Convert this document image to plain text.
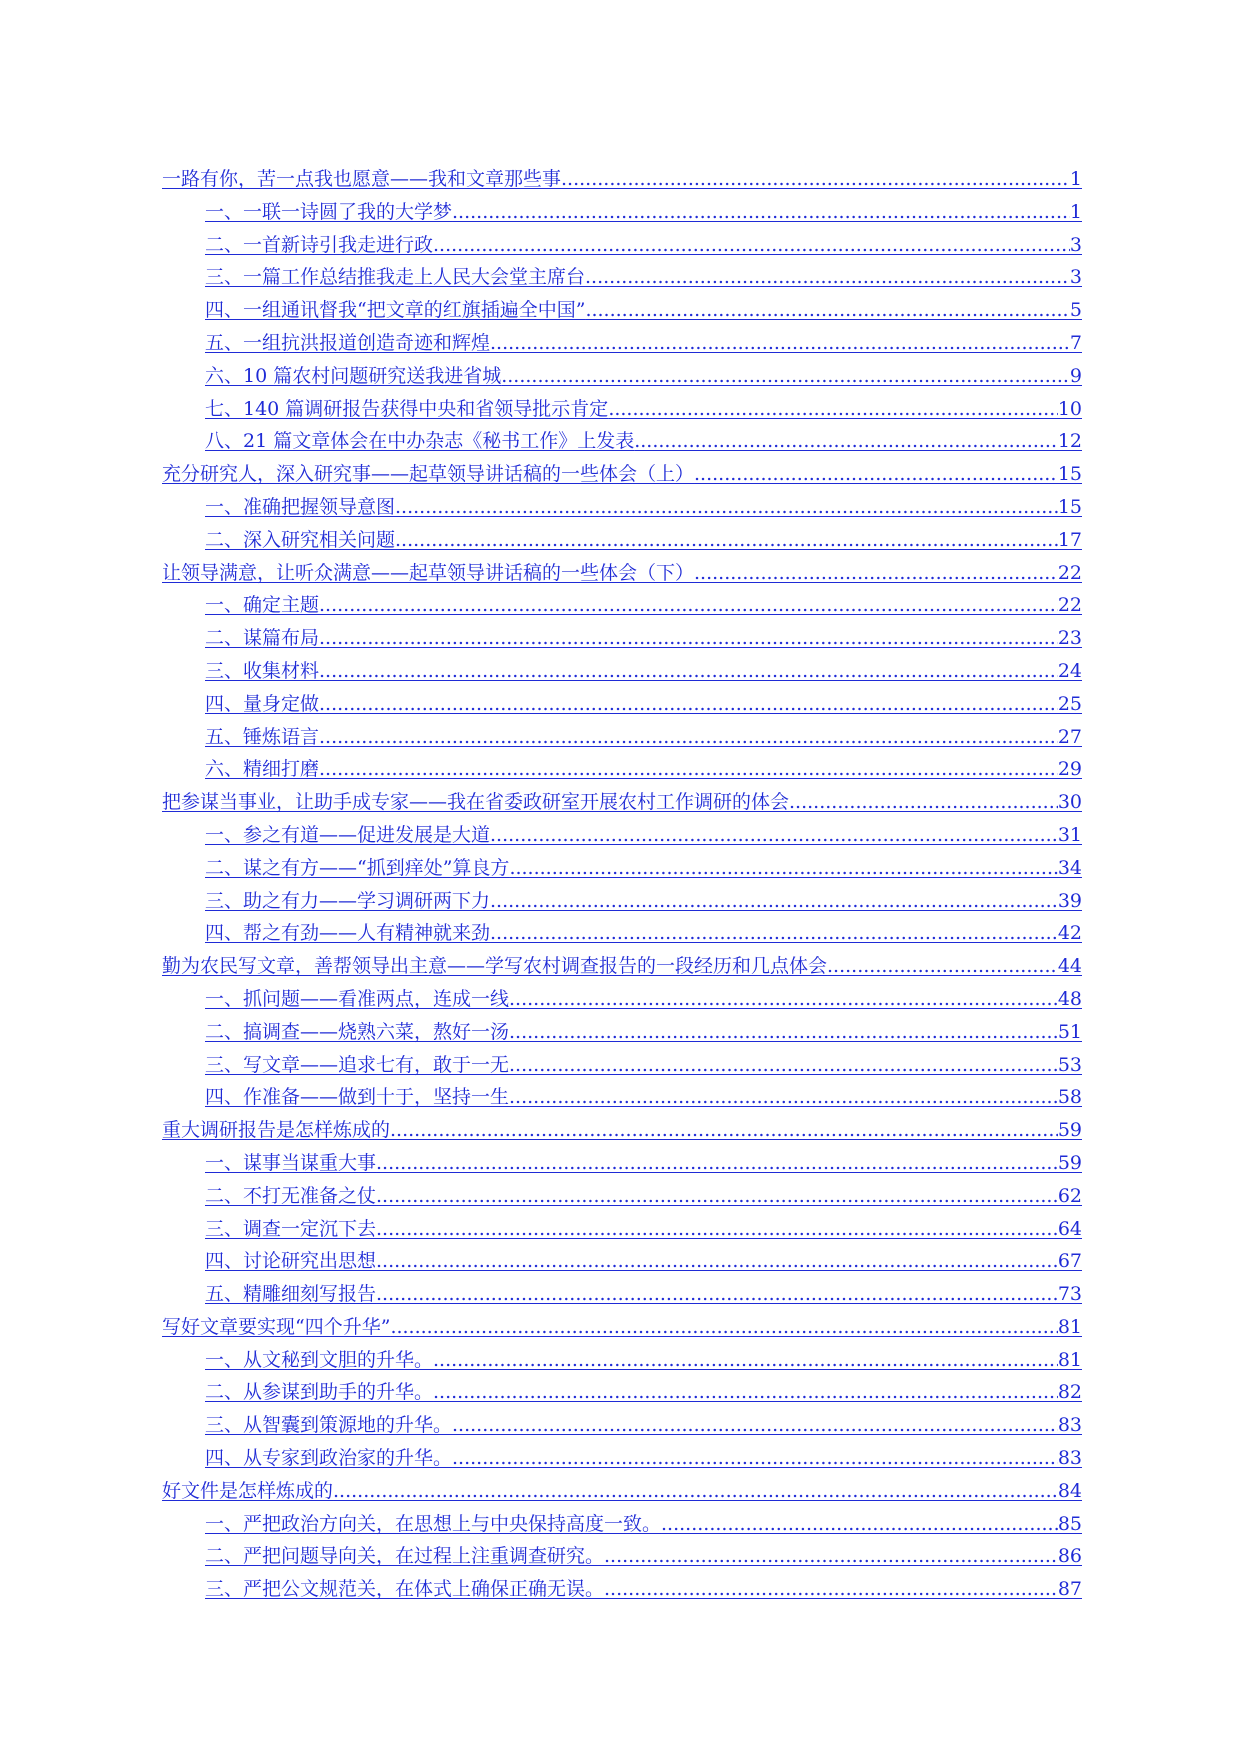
一路有你，苦一点我也愿意——我和文章那些事 .....	1
一、一联一诗圆了我的大学梦 .....	1
二、一首新诗引我走进行政 .....	3
三、一篇工作总结推我走上人民大会堂主席台 .....	3
四、一组通讯督我“把文章的红旗插遍全中国” .....	5
五、一组抗洪报道创造奇迹和辉煌 .....	7
六、10 篇农村问题研究送我进省城 .....	9
七、140 篇调研报告获得中央和省领导批示肯定 .....	10
八、21 篇文章体会在中办杂志《秘书工作》上发表 .....	12
充分研究人，深入研究事——起草领导讲话稿的一些体会（上） .....	15
一、准确把握领导意图 .....	15
二、深入研究相关问题 .....	17
让领导满意，让听众满意——起草领导讲话稿的一些体会（下） .....	22
一、确定主题 .....	22
二、谋篇布局 .....	23
三、收集材料 .....	24
四、量身定做 .....	25
五、锤炼语言 .....	27
六、精细打磨 .....	29
把参谋当事业，让助手成专家——我在省委政研室开展农村工作调研的体会 .....	30
一、参之有道——促进发展是大道 .....	31
二、谋之有方——“抓到痒处”算良方 .....	34
三、助之有力——学习调研两下力 .....	39
四、帮之有劲——人有精神就来劲 .....	42
勤为农民写文章，善帮领导出主意——学写农村调查报告的一段经历和几点体会 .....	44
一、抓问题——看准两点，连成一线 .....	48
二、搞调查——烧熟六菜，熬好一汤 .....	51
三、写文章——追求七有，敢于一无 .....	53
四、作准备——做到十于，坚持一生 .....	58
重大调研报告是怎样炼成的 .....	59
一、谋事当谋重大事 .....	59
二、不打无准备之仗 .....	62
三、调查一定沉下去 .....	64
四、讨论研究出思想 .....	67
五、精雕细刻写报告 .....	73
写好文章要实现“四个升华” .....	81
一、从文秘到文胆的升华。 .....	81
二、从参谋到助手的升华。 .....	82
三、从智囊到策源地的升华。 .....	83
四、从专家到政治家的升华。 .....	83
好文件是怎样炼成的 .....	84
一、严把政治方向关，在思想上与中央保持高度一致。 .....	85
二、严把问题导向关，在过程上注重调查研究。 .....	86
三、严把公文规范关，在体式上确保正确无误。 .....	87
